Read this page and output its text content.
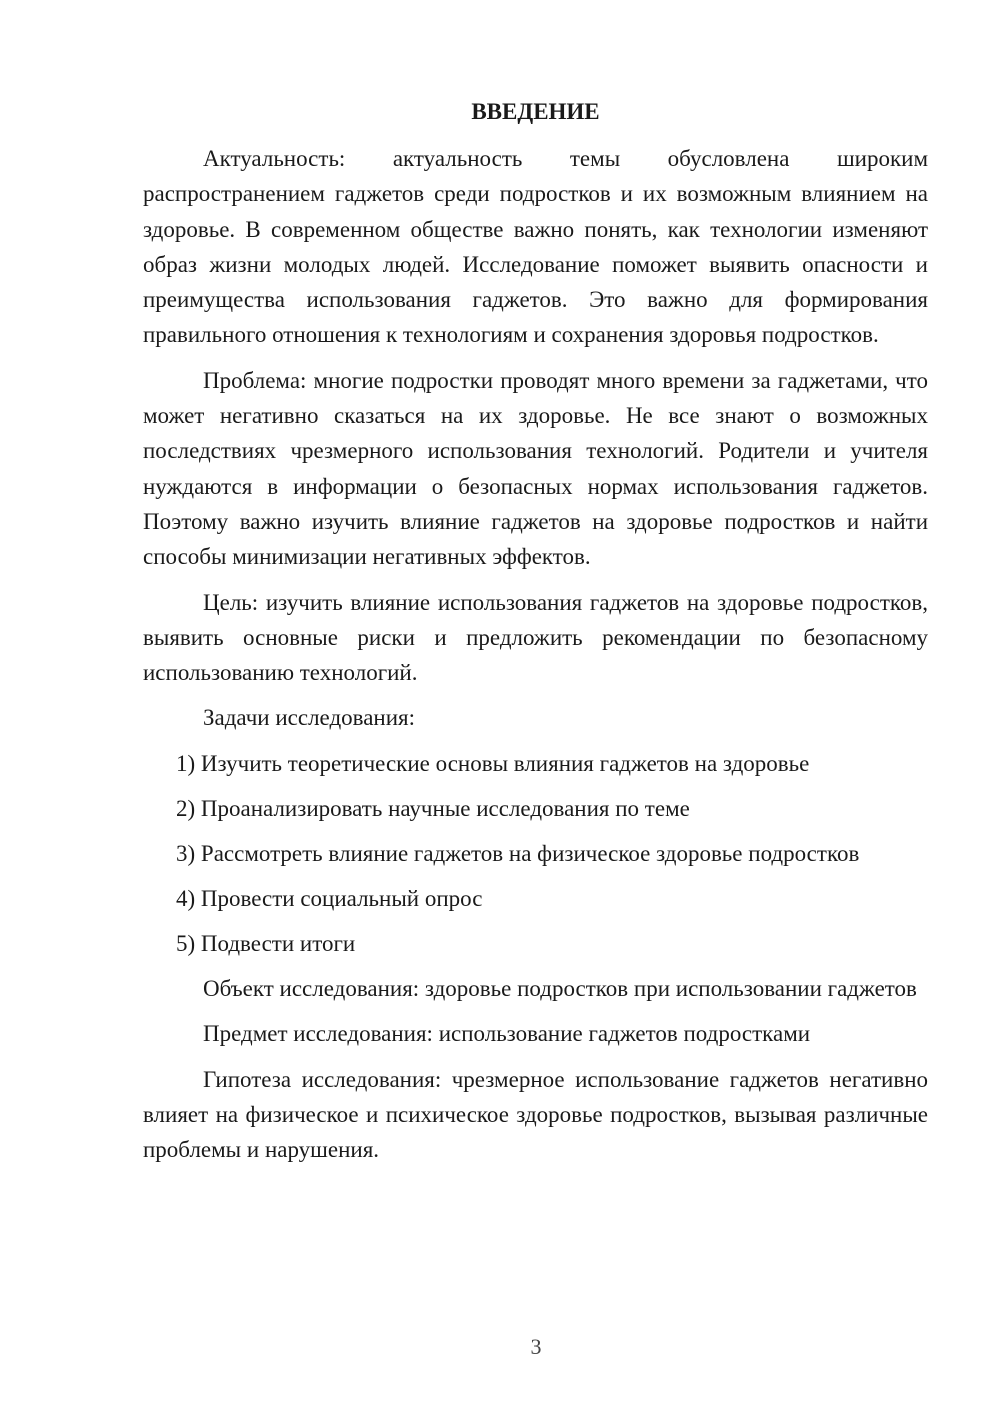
ВВЕДЕНИЕ

Актуальность: актуальность темы обусловлена широким распространением гаджетов среди подростков и их возможным влиянием на здоровье. В современном обществе важно понять, как технологии изменяют образ жизни молодых людей. Исследование поможет выявить опасности и преимущества использования гаджетов. Это важно для формирования правильного отношения к технологиям и сохранения здоровья подростков.

Проблема: многие подростки проводят много времени за гаджетами, что может негативно сказаться на их здоровье. Не все знают о возможных последствиях чрезмерного использования технологий. Родители и учителя нуждаются в информации о безопасных нормах использования гаджетов. Поэтому важно изучить влияние гаджетов на здоровье подростков и найти способы минимизации негативных эффектов.

Цель: изучить влияние использования гаджетов на здоровье подростков, выявить основные риски и предложить рекомендации по безопасному использованию технологий.

Задачи исследования:

1) Изучить теоретические основы влияния гаджетов на здоровье
2) Проанализировать научные исследования по теме
3) Рассмотреть влияние гаджетов на физическое здоровье подростков
4) Провести социальный опрос
5) Подвести итоги

Объект исследования: здоровье подростков при использовании гаджетов

Предмет исследования: использование гаджетов подростками

Гипотеза исследования: чрезмерное использование гаджетов негативно влияет на физическое и психическое здоровье подростков, вызывая различные проблемы и нарушения.

3
